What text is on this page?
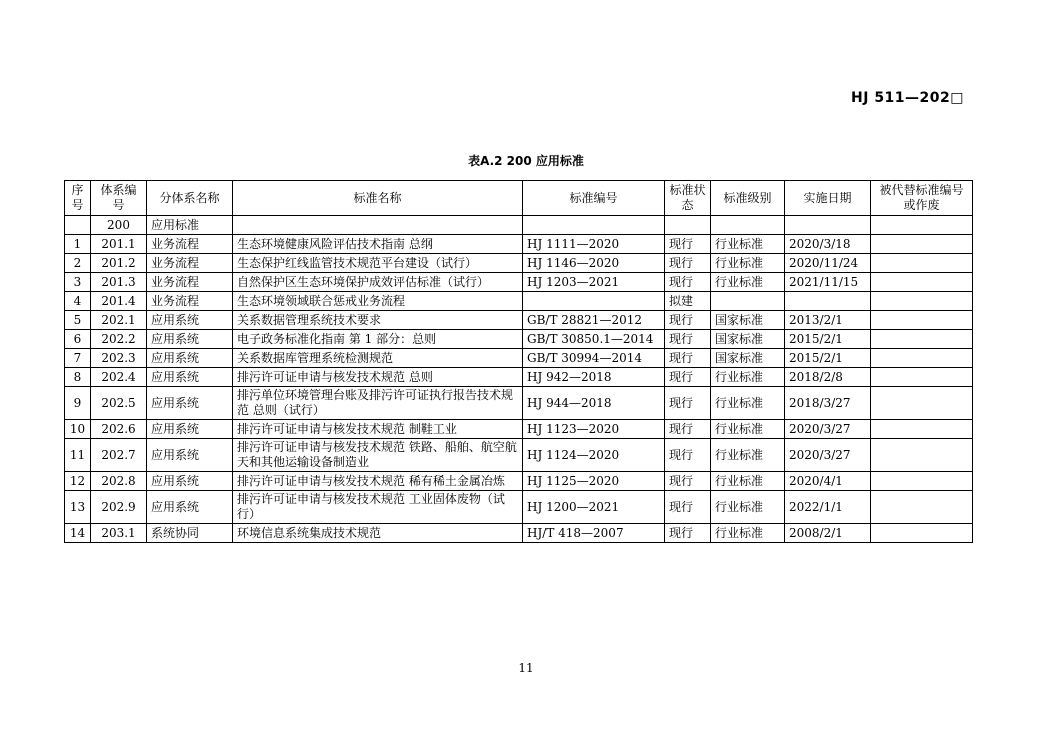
HJ 511—202□
表A.2 200 应用标准
序号	体系编号	分体系名称	标准名称	标准编号	标准状态	标准级别	实施日期	被代替标准编号或作废
	200	应用标准						
1	201.1	业务流程	生态环境健康风险评估技术指南 总纲	HJ 1111—2020	现行	行业标准	2020/3/18	
2	201.2	业务流程	生态保护红线监管技术规范平台建设（试行）	HJ 1146—2020	现行	行业标准	2020/11/24	
3	201.3	业务流程	自然保护区生态环境保护成效评估标准（试行）	HJ 1203—2021	现行	行业标准	2021/11/15	
4	201.4	业务流程	生态环境领域联合惩戒业务流程		拟建			
5	202.1	应用系统	关系数据管理系统技术要求	GB/T 28821—2012	现行	国家标准	2013/2/1	
6	202.2	应用系统	电子政务标准化指南 第 1 部分：总则	GB/T 30850.1—2014	现行	国家标准	2015/2/1	
7	202.3	应用系统	关系数据库管理系统检测规范	GB/T 30994—2014	现行	国家标准	2015/2/1	
8	202.4	应用系统	排污许可证申请与核发技术规范 总则	HJ 942—2018	现行	行业标准	2018/2/8	
9	202.5	应用系统	排污单位环境管理台账及排污许可证执行报告技术规范 总则（试行）	HJ 944—2018	现行	行业标准	2018/3/27	
10	202.6	应用系统	排污许可证申请与核发技术规范 制鞋工业	HJ 1123—2020	现行	行业标准	2020/3/27	
11	202.7	应用系统	排污许可证申请与核发技术规范 铁路、船舶、航空航天和其他运输设备制造业	HJ 1124—2020	现行	行业标准	2020/3/27	
12	202.8	应用系统	排污许可证申请与核发技术规范 稀有稀土金属冶炼	HJ 1125—2020	现行	行业标准	2020/4/1	
13	202.9	应用系统	排污许可证申请与核发技术规范 工业固体废物（试行）	HJ 1200—2021	现行	行业标准	2022/1/1	
14	203.1	系统协同	环境信息系统集成技术规范	HJ/T 418—2007	现行	行业标准	2008/2/1	
11
